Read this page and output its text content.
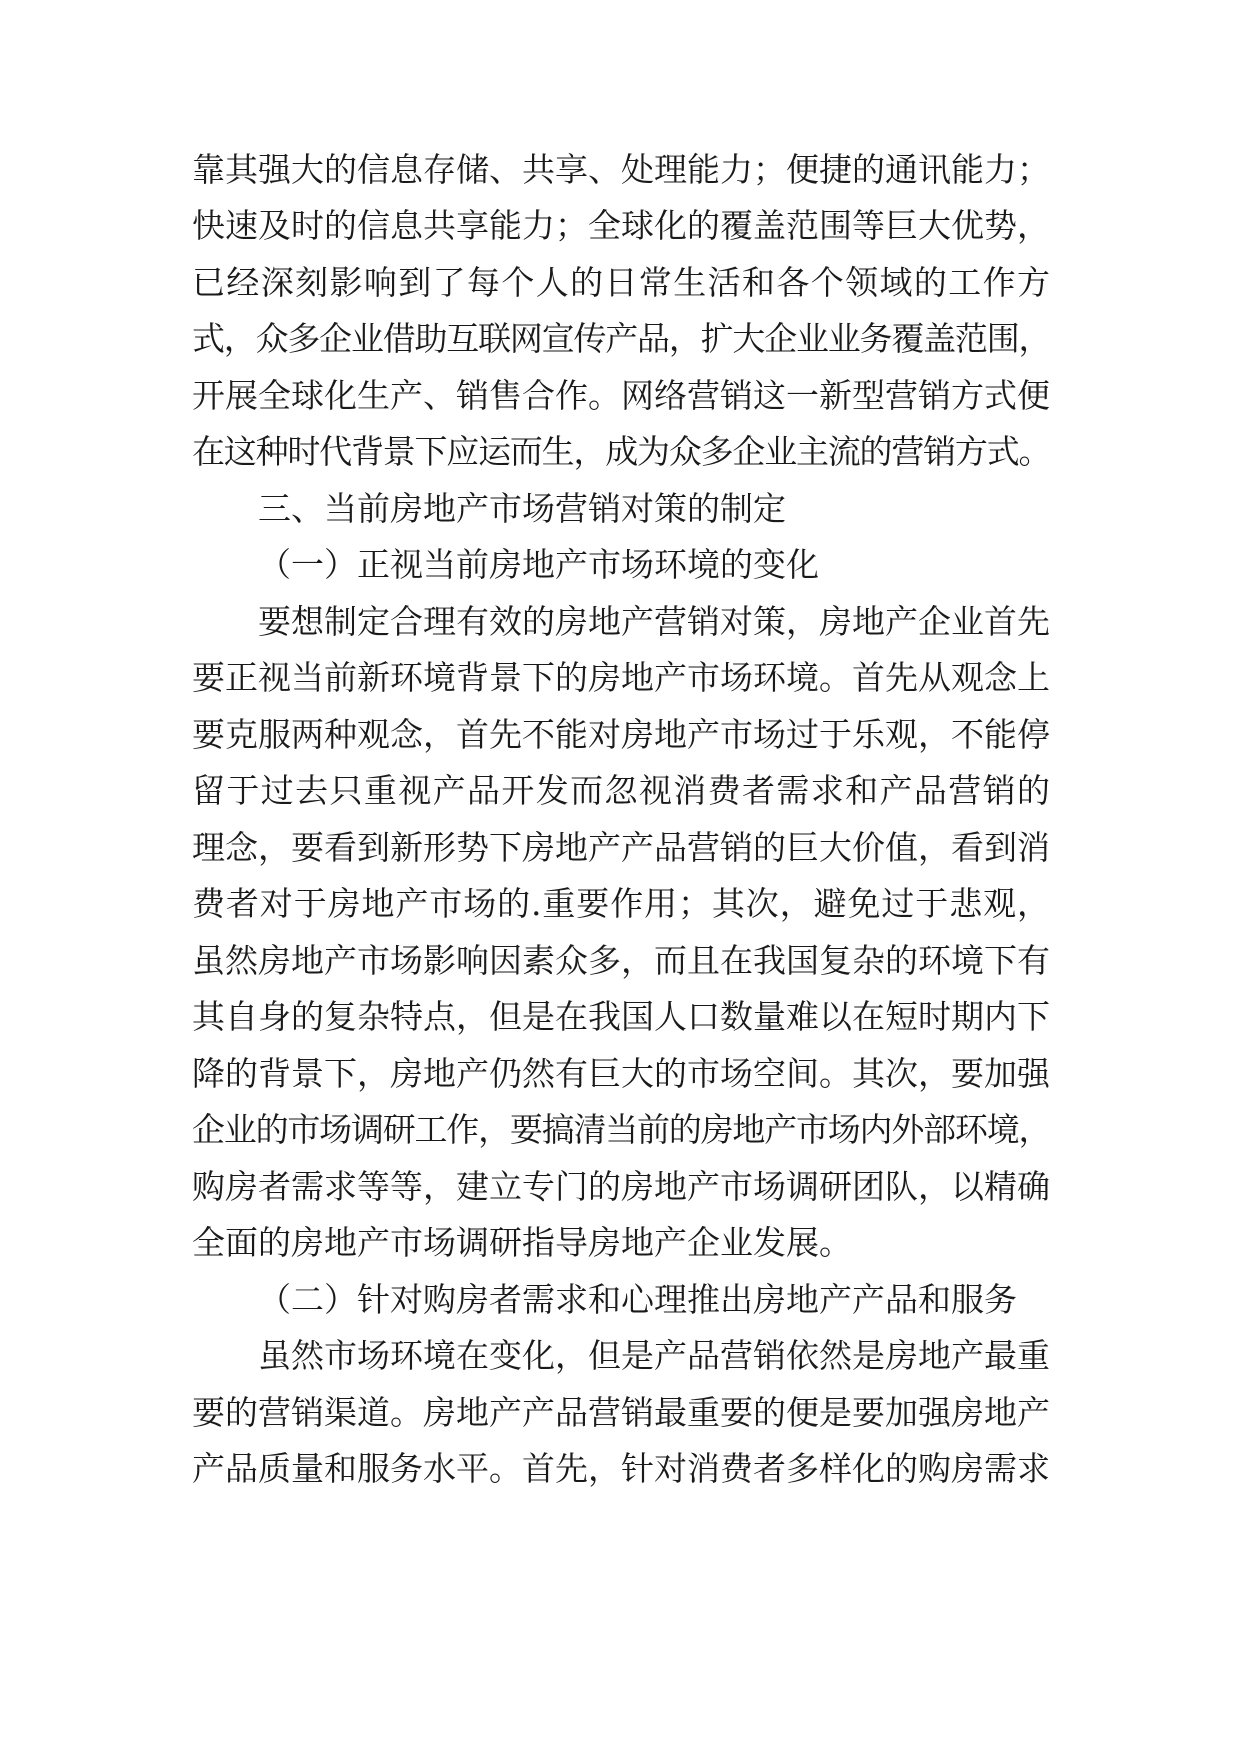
靠其强大的信息存储、共享、处理能力；便捷的通讯能力；
快速及时的信息共享能力；全球化的覆盖范围等巨大优势，
已经深刻影响到了每个人的日常生活和各个领域的工作方
式，众多企业借助互联网宣传产品，扩大企业业务覆盖范围，
开展全球化生产、销售合作。网络营销这一新型营销方式便
在这种时代背景下应运而生，成为众多企业主流的营销方式。
三、当前房地产市场营销对策的制定
（一）正视当前房地产市场环境的变化
要想制定合理有效的房地产营销对策，房地产企业首先
要正视当前新环境背景下的房地产市场环境。首先从观念上
要克服两种观念，首先不能对房地产市场过于乐观，不能停
留于过去只重视产品开发而忽视消费者需求和产品营销的
理念，要看到新形势下房地产产品营销的巨大价值，看到消
费者对于房地产市场的.重要作用；其次，避免过于悲观，
虽然房地产市场影响因素众多，而且在我国复杂的环境下有
其自身的复杂特点，但是在我国人口数量难以在短时期内下
降的背景下，房地产仍然有巨大的市场空间。其次，要加强
企业的市场调研工作，要搞清当前的房地产市场内外部环境，
购房者需求等等，建立专门的房地产市场调研团队，以精确
全面的房地产市场调研指导房地产企业发展。
（二）针对购房者需求和心理推出房地产产品和服务
虽然市场环境在变化，但是产品营销依然是房地产最重
要的营销渠道。房地产产品营销最重要的便是要加强房地产
产品质量和服务水平。首先，针对消费者多样化的购房需求
